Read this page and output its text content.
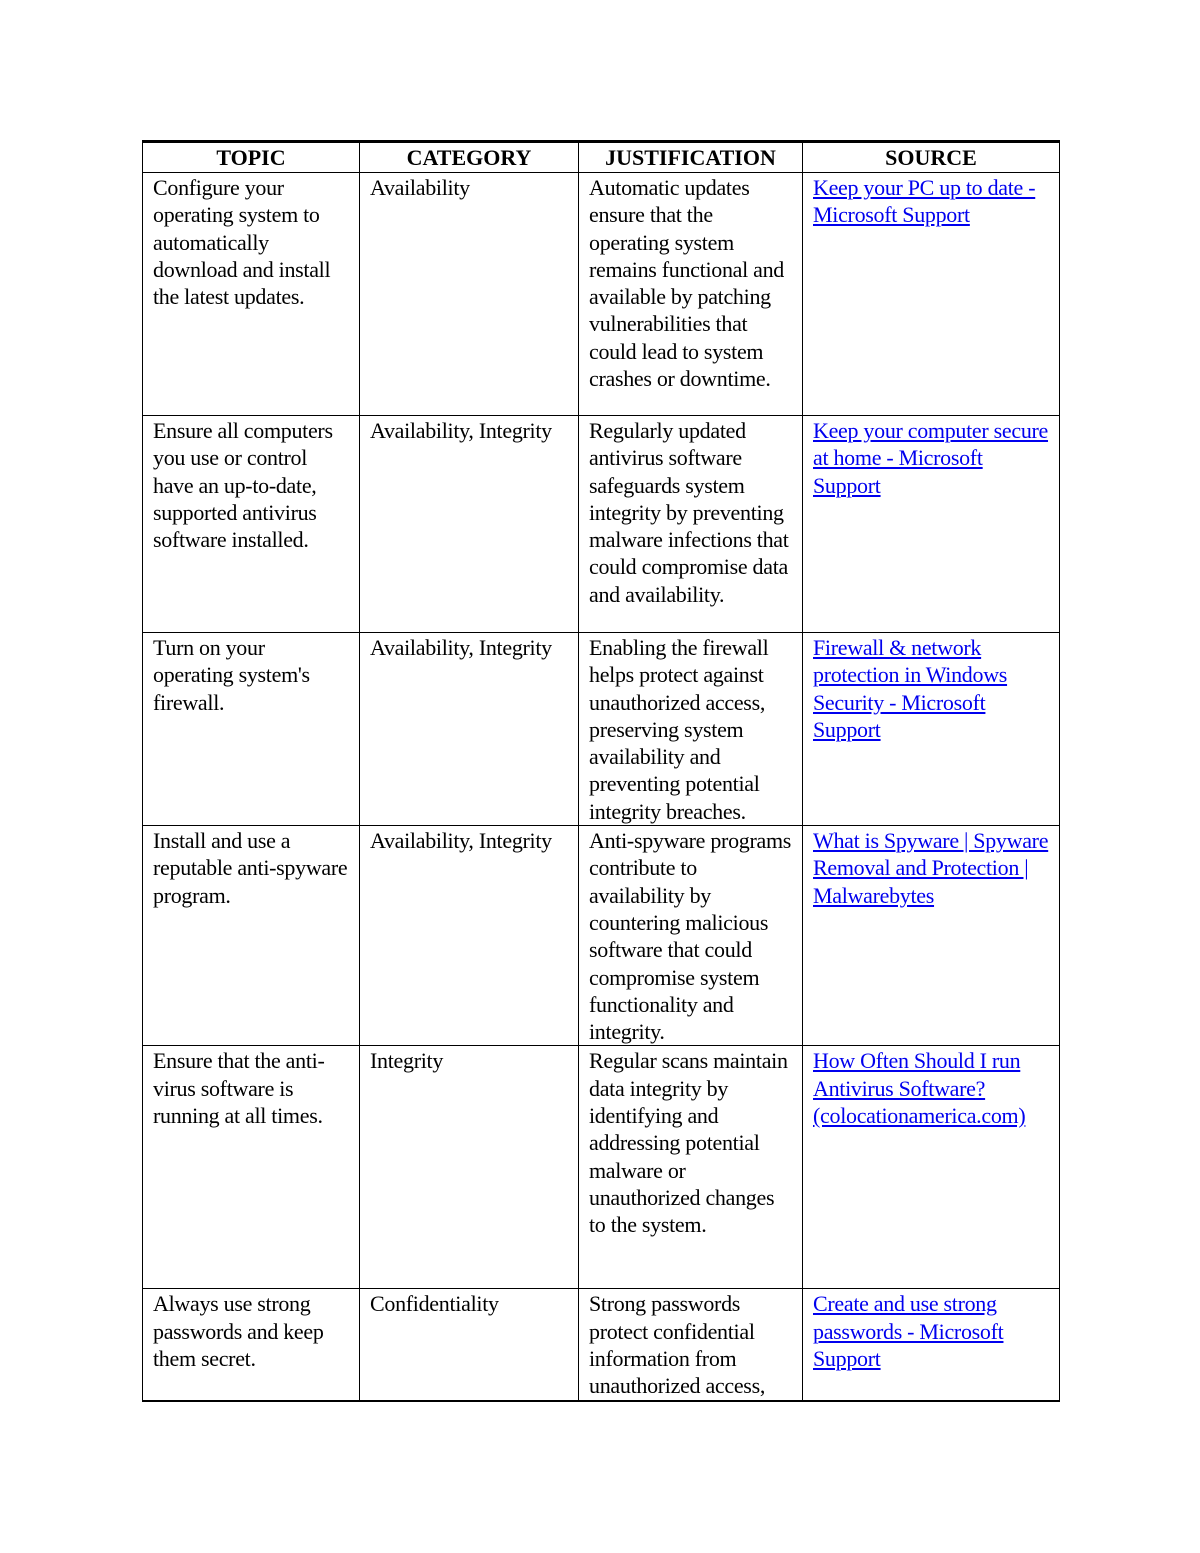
TOPIC	CATEGORY	JUSTIFICATION	SOURCE

Configure your operating system to automatically download and install the latest updates.	Availability	Automatic updates ensure that the operating system remains functional and available by patching vulnerabilities that could lead to system crashes or downtime.	Keep your PC up to date - Microsoft Support

Ensure all computers you use or control have an up-to-date, supported antivirus software installed.	Availability, Integrity	Regularly updated antivirus software safeguards system integrity by preventing malware infections that could compromise data and availability.	Keep your computer secure at home - Microsoft Support

Turn on your operating system's firewall.	Availability, Integrity	Enabling the firewall helps protect against unauthorized access, preserving system availability and preventing potential integrity breaches.	Firewall & network protection in Windows Security - Microsoft Support

Install and use a reputable anti-spyware program.	Availability, Integrity	Anti-spyware programs contribute to availability by countering malicious software that could compromise system functionality and integrity.	What is Spyware | Spyware Removal and Protection | Malwarebytes

Ensure that the anti-virus software is running at all times.	Integrity	Regular scans maintain data integrity by identifying and addressing potential malware or unauthorized changes to the system.	How Often Should I run Antivirus Software? (colocationamerica.com)

Always use strong passwords and keep them secret.	Confidentiality	Strong passwords protect confidential information from unauthorized access,	Create and use strong passwords - Microsoft Support
